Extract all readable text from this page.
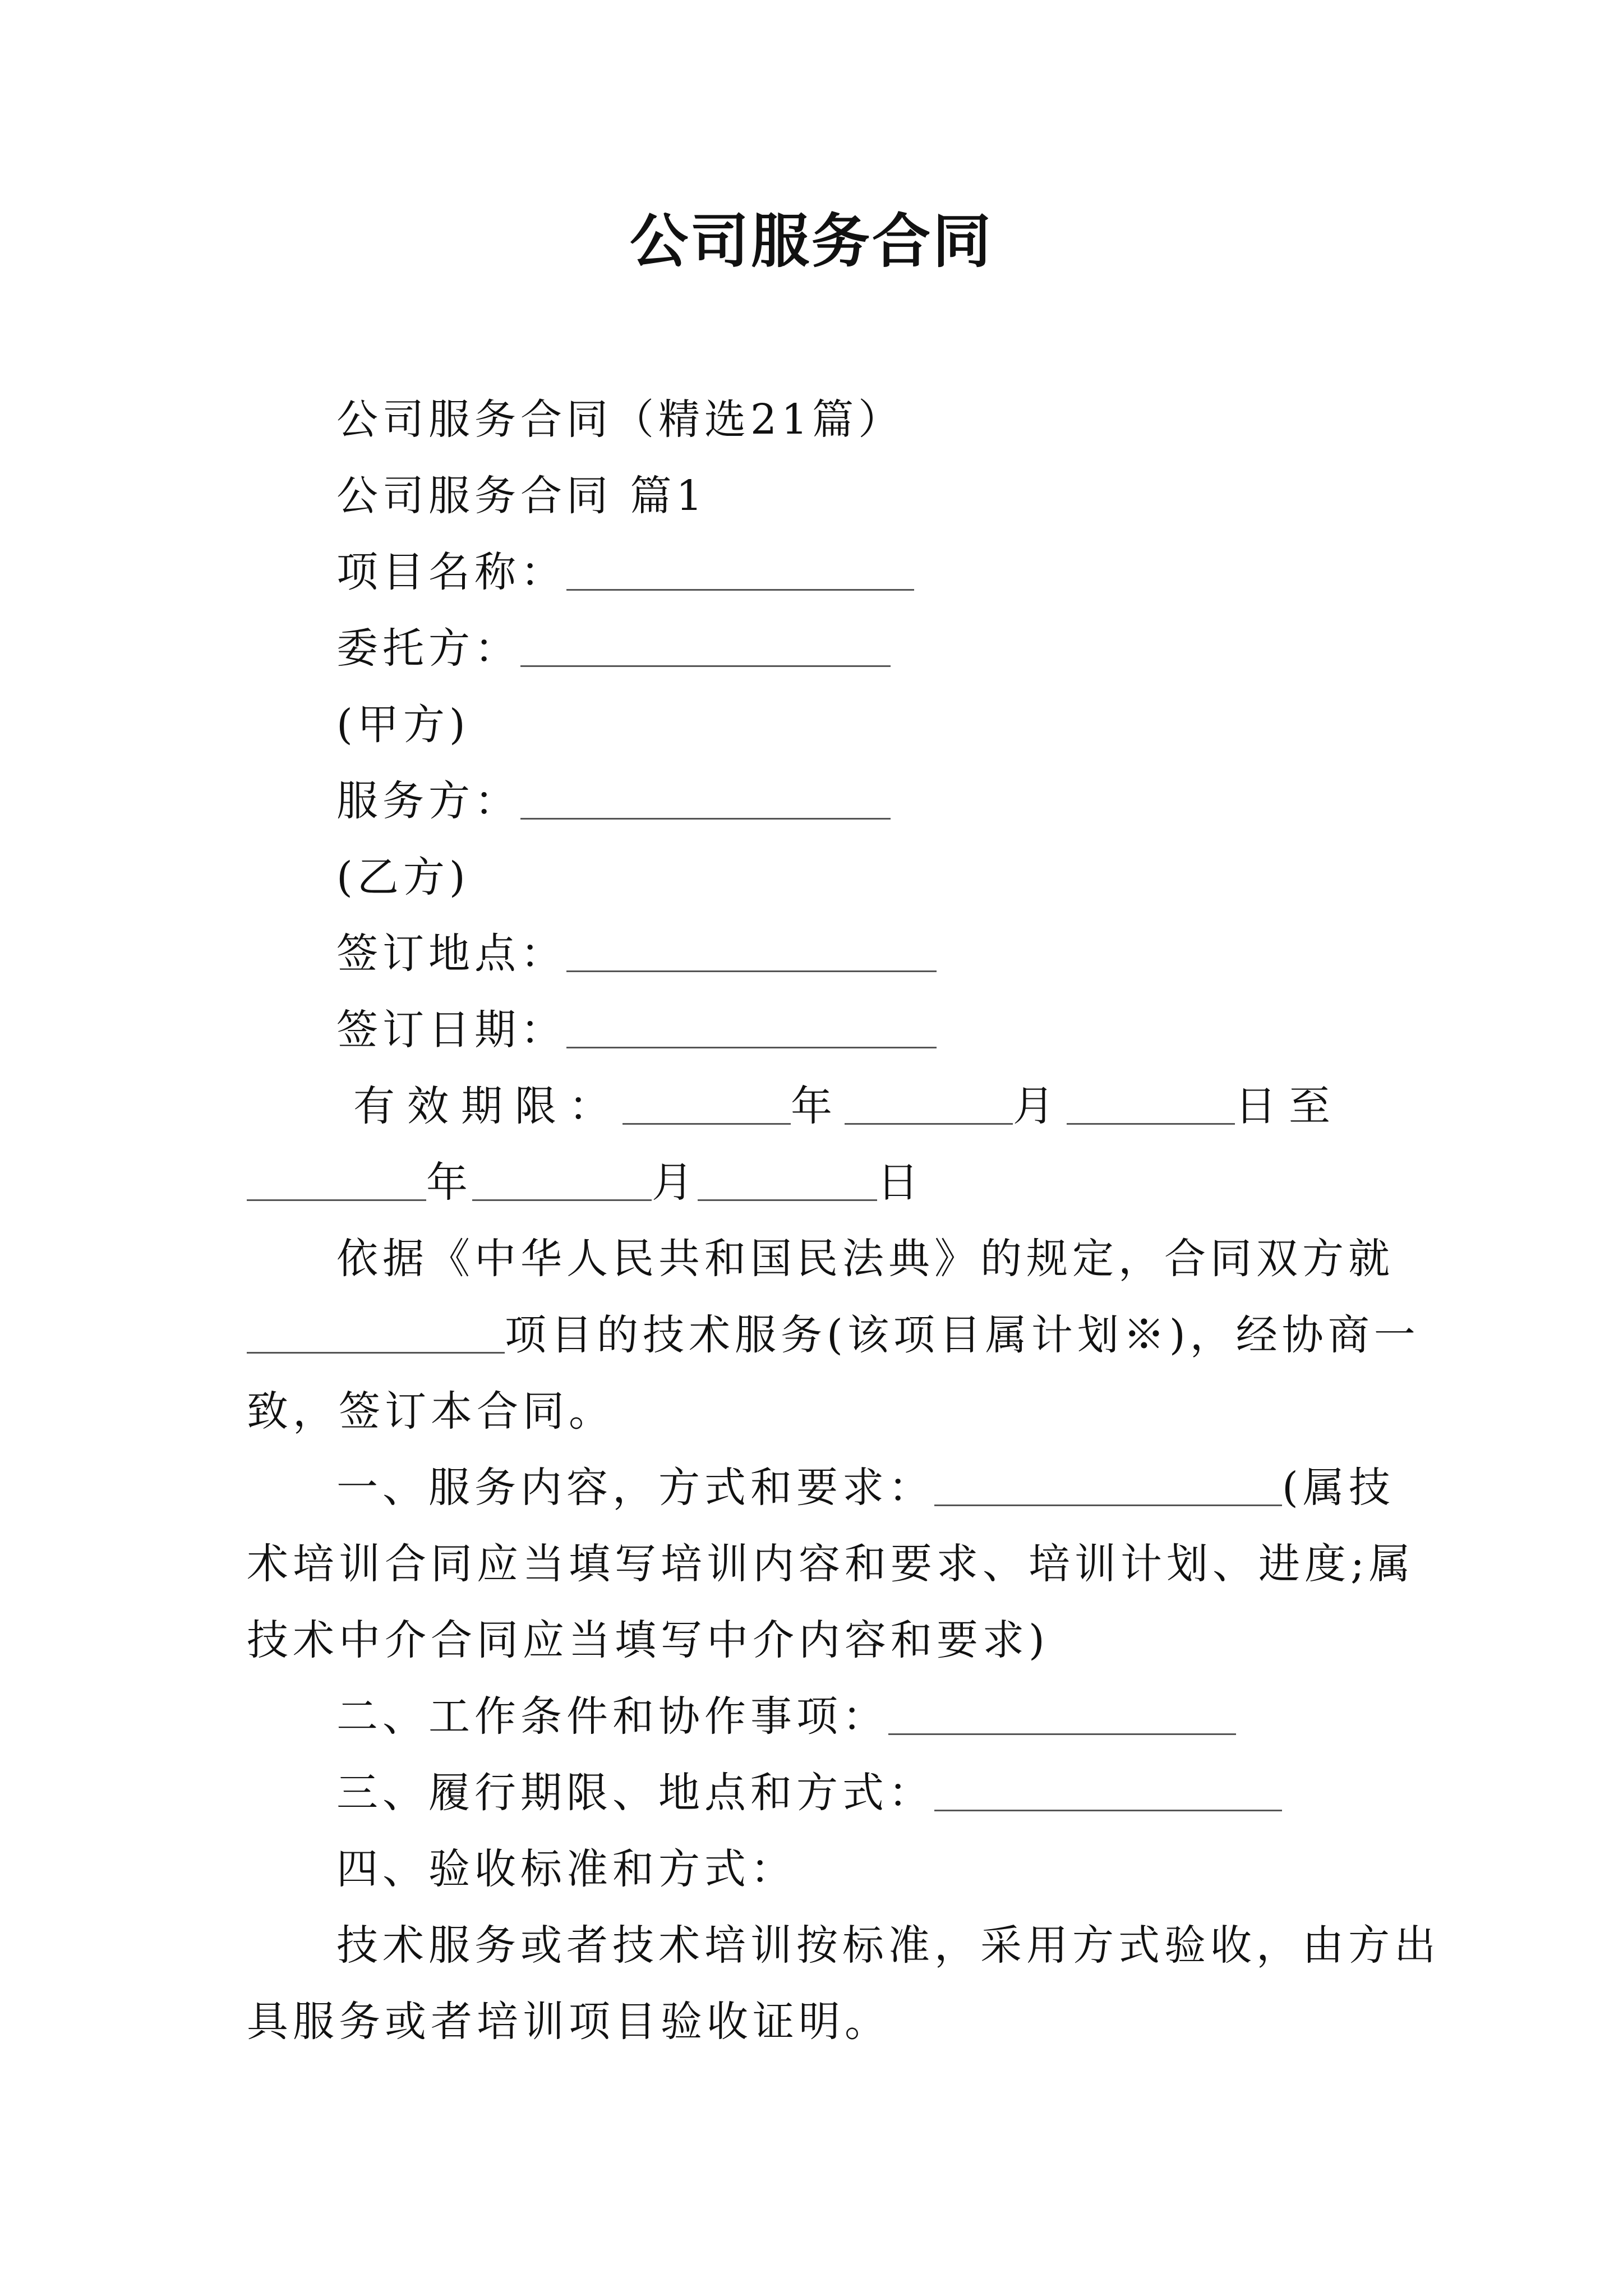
公司服务合同
公司服务合同（精选21篇）
公司服务合同 篇1
项目名称：
委托方：
(甲方)
服务方：
(乙方)
签订地点：
签订日期：
有效期限：	年	月	日至
年	月	日
依据《中华人民共和国民法典》的规定，合同双方就
项目的技术服务(该项目属计划※)，经协商一
致，签订本合同。
一、服务内容，方式和要求：	(属技
术培训合同应当填写培训内容和要求、培训计划、进度;属
技术中介合同应当填写中介内容和要求)
二、工作条件和协作事项：
三、履行期限、地点和方式：
四、验收标准和方式：
技术服务或者技术培训按标准，采用方式验收，由方出
具服务或者培训项目验收证明。
